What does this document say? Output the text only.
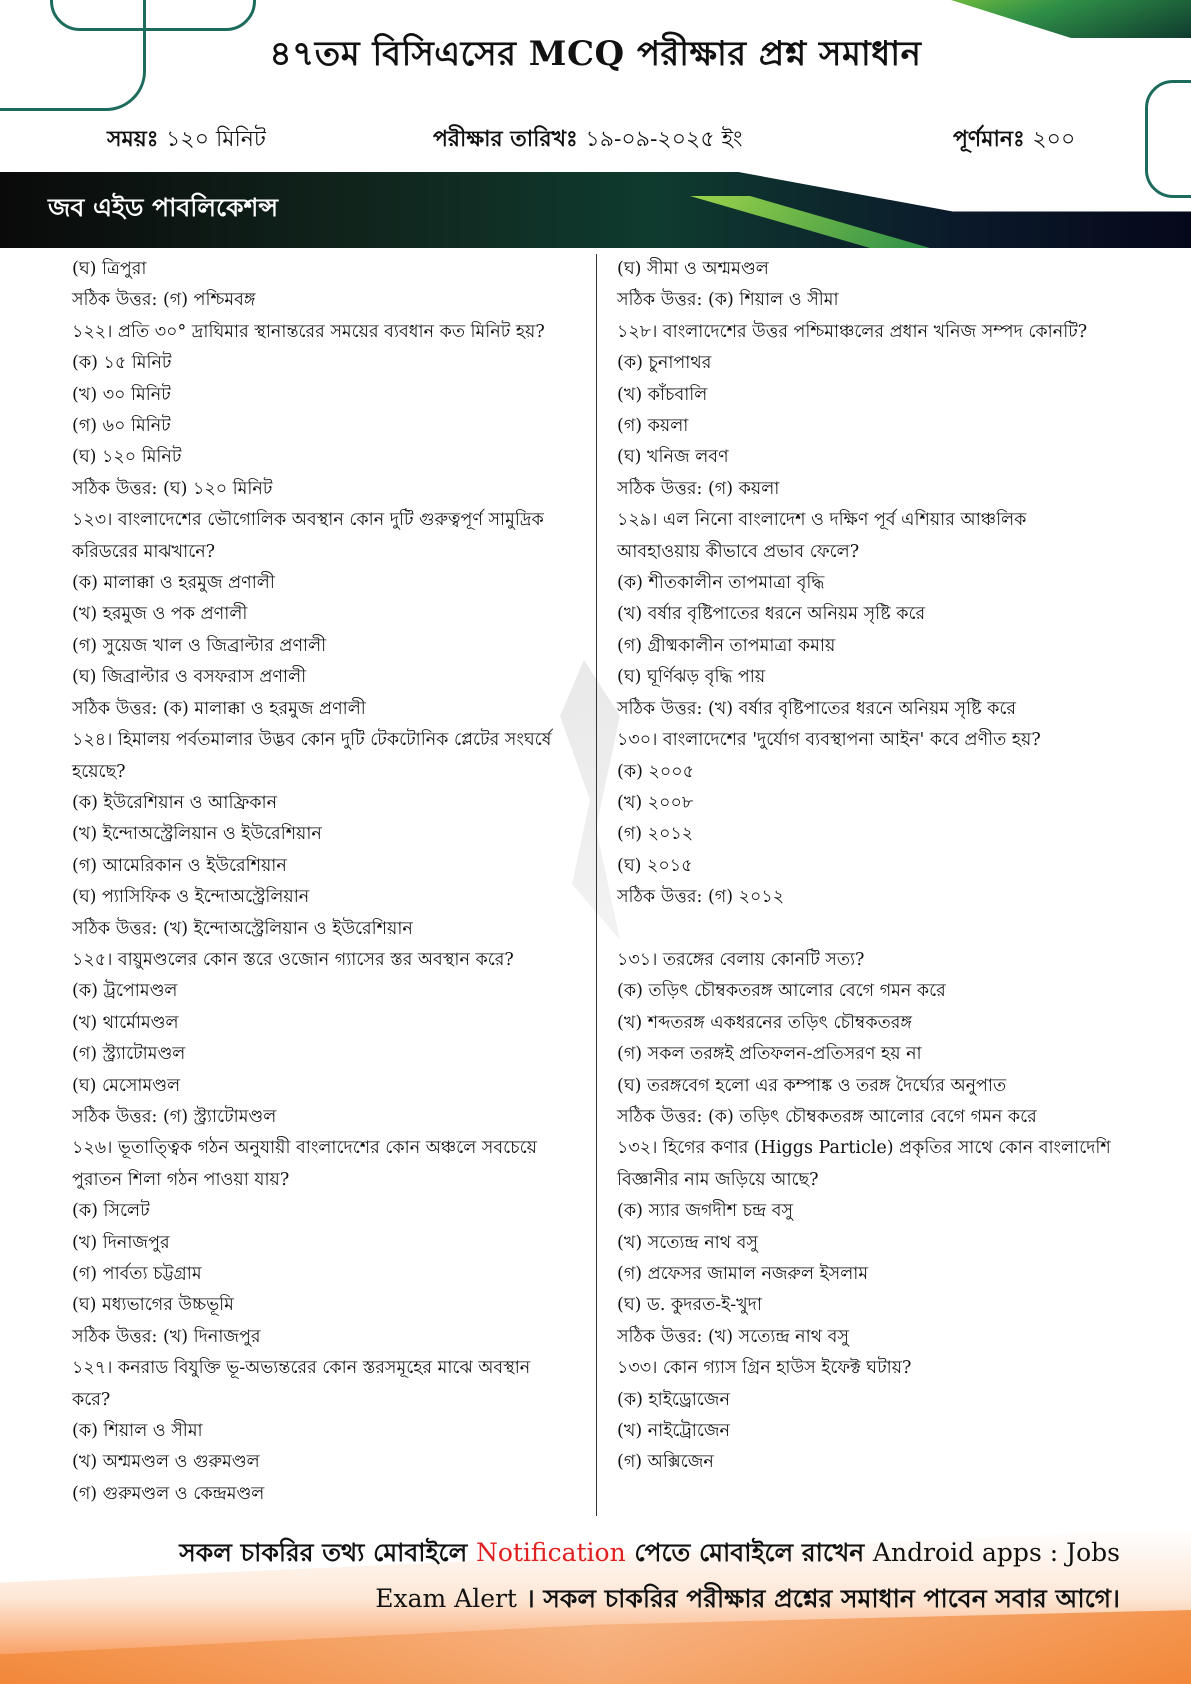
৪৭তম বিসিএসের MCQ পরীক্ষার প্রশ্ন সমাধান
সময়ঃ ১২০ মিনিট	পরীক্ষার তারিখঃ ১৯-০৯-২০২৫ ইং	পূর্ণমানঃ ২০০
জব এইড পাবলিকেশন্স
(ঘ) ত্রিপুরা
সঠিক উত্তর: (গ) পশ্চিমবঙ্গ
১২২। প্রতি ৩০° দ্রাঘিমার স্থানান্তরের সময়ের ব্যবধান কত মিনিট হয়?
(ক) ১৫ মিনিট
(খ) ৩০ মিনিট
(গ) ৬০ মিনিট
(ঘ) ১২০ মিনিট
সঠিক উত্তর: (ঘ) ১২০ মিনিট
১২৩। বাংলাদেশের ভৌগোলিক অবস্থান কোন দুটি গুরুত্বপূর্ণ সামুদ্রিক
করিডরের মাঝখানে?
(ক) মালাক্কা ও হরমুজ প্রণালী
(খ) হরমুজ ও পক প্রণালী
(গ) সুয়েজ খাল ও জিব্রাল্টার প্রণালী
(ঘ) জিব্রাল্টার ও বসফরাস প্রণালী
সঠিক উত্তর: (ক) মালাক্কা ও হরমুজ প্রণালী
১২৪। হিমালয় পর্বতমালার উদ্ভব কোন দুটি টেকটোনিক প্লেটের সংঘর্ষে
হয়েছে?
(ক) ইউরেশিয়ান ও আফ্রিকান
(খ) ইন্দোঅস্ট্রেলিয়ান ও ইউরেশিয়ান
(গ) আমেরিকান ও ইউরেশিয়ান
(ঘ) প্যাসিফিক ও ইন্দোঅস্ট্রেলিয়ান
সঠিক উত্তর: (খ) ইন্দোঅস্ট্রেলিয়ান ও ইউরেশিয়ান
১২৫। বায়ুমণ্ডলের কোন স্তরে ওজোন গ্যাসের স্তর অবস্থান করে?
(ক) ট্রপোমণ্ডল
(খ) থার্মোমণ্ডল
(গ) স্ট্র্যাটোমণ্ডল
(ঘ) মেসোমণ্ডল
সঠিক উত্তর: (গ) স্ট্র্যাটোমণ্ডল
১২৬। ভূতাত্ত্বিক গঠন অনুযায়ী বাংলাদেশের কোন অঞ্চলে সবচেয়ে
পুরাতন শিলা গঠন পাওয়া যায়?
(ক) সিলেট
(খ) দিনাজপুর
(গ) পার্বত্য চট্টগ্রাম
(ঘ) মধ্যভাগের উচ্চভূমি
সঠিক উত্তর: (খ) দিনাজপুর
১২৭। কনরাড বিযুক্তি ভূ-অভ্যন্তরের কোন স্তরসমূহের মাঝে অবস্থান
করে?
(ক) শিয়াল ও সীমা
(খ) অশ্মমণ্ডল ও গুরুমণ্ডল
(গ) গুরুমণ্ডল ও কেন্দ্রমণ্ডল
(ঘ) সীমা ও অশ্মমণ্ডল
সঠিক উত্তর: (ক) শিয়াল ও সীমা
১২৮। বাংলাদেশের উত্তর পশ্চিমাঞ্চলের প্রধান খনিজ সম্পদ কোনটি?
(ক) চুনাপাথর
(খ) কাঁচবালি
(গ) কয়লা
(ঘ) খনিজ লবণ
সঠিক উত্তর: (গ) কয়লা
১২৯। এল নিনো বাংলাদেশ ও দক্ষিণ পূর্ব এশিয়ার আঞ্চলিক
আবহাওয়ায় কীভাবে প্রভাব ফেলে?
(ক) শীতকালীন তাপমাত্রা বৃদ্ধি
(খ) বর্ষার বৃষ্টিপাতের ধরনে অনিয়ম সৃষ্টি করে
(গ) গ্রীষ্মকালীন তাপমাত্রা কমায়
(ঘ) ঘূর্ণিঝড় বৃদ্ধি পায়
সঠিক উত্তর: (খ) বর্ষার বৃষ্টিপাতের ধরনে অনিয়ম সৃষ্টি করে
১৩০। বাংলাদেশের 'দুর্যোগ ব্যবস্থাপনা আইন' কবে প্রণীত হয়?
(ক) ২০০৫
(খ) ২০০৮
(গ) ২০১২
(ঘ) ২০১৫
সঠিক উত্তর: (গ) ২০১২
১৩১। তরঙ্গের বেলায় কোনটি সত্য?
(ক) তড়িৎ চৌম্বকতরঙ্গ আলোর বেগে গমন করে
(খ) শব্দতরঙ্গ একধরনের তড়িৎ চৌম্বকতরঙ্গ
(গ) সকল তরঙ্গই প্রতিফলন-প্রতিসরণ হয় না
(ঘ) তরঙ্গবেগ হলো এর কম্পাঙ্ক ও তরঙ্গ দৈর্ঘ্যের অনুপাত
সঠিক উত্তর: (ক) তড়িৎ চৌম্বকতরঙ্গ আলোর বেগে গমন করে
১৩২। হিগের কণার (Higgs Particle) প্রকৃতির সাথে কোন বাংলাদেশি
বিজ্ঞানীর নাম জড়িয়ে আছে?
(ক) স্যার জগদীশ চন্দ্র বসু
(খ) সত্যেন্দ্র নাথ বসু
(গ) প্রফেসর জামাল নজরুল ইসলাম
(ঘ) ড. কুদরত-ই-খুদা
সঠিক উত্তর: (খ) সত্যেন্দ্র নাথ বসু
১৩৩। কোন গ্যাস গ্রিন হাউস ইফেক্ট ঘটায়?
(ক) হাইড্রোজেন
(খ) নাইট্রোজেন
(গ) অক্সিজেন
সকল চাকরির তথ্য মোবাইলে Notification পেতে মোবাইলে রাখেন Android apps : Jobs Exam Alert । সকল চাকরির পরীক্ষার প্রশ্নের সমাধান পাবেন সবার আগে।
